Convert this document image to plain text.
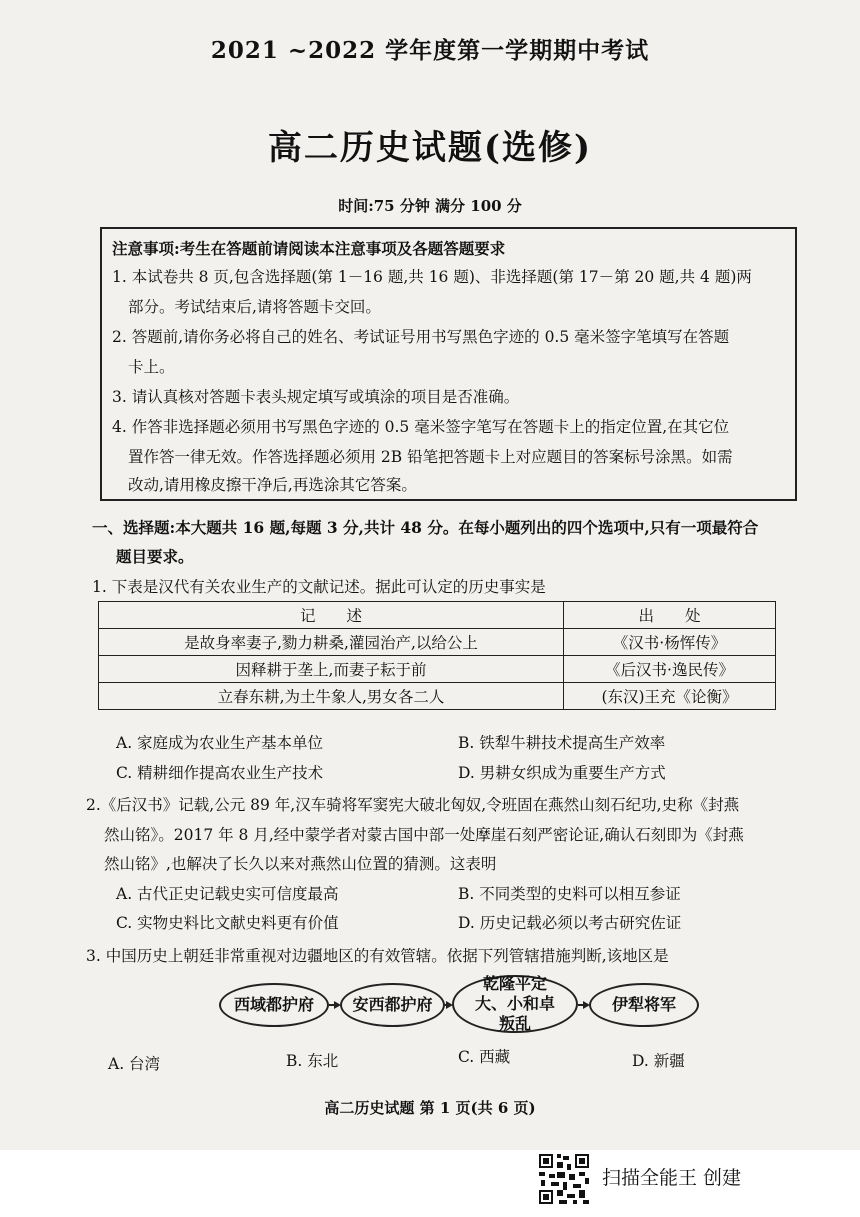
2021 ~2022 学年度第一学期期中考试
高二历史试题(选修)
时间:75 分钟 满分 100 分
注意事项:考生在答题前请阅读本注意事项及各题答题要求
1. 本试卷共 8 页,包含选择题(第 1－16 题,共 16 题)、非选择题(第 17－第 20 题,共 4 题)两
部分。考试结束后,请将答题卡交回。
2. 答题前,请你务必将自己的姓名、考试证号用书写黑色字迹的 0.5 毫米签字笔填写在答题
卡上。
3. 请认真核对答题卡表头规定填写或填涂的项目是否准确。
4. 作答非选择题必须用书写黑色字迹的 0.5 毫米签字笔写在答题卡上的指定位置,在其它位
置作答一律无效。作答选择题必须用 2B 铅笔把答题卡上对应题目的答案标号涂黑。如需
改动,请用橡皮擦干净后,再选涂其它答案。
一、选择题:本大题共 16 题,每题 3 分,共计 48 分。在每小题列出的四个选项中,只有一项最符合
题目要求。
1. 下表是汉代有关农业生产的文献记述。据此可认定的历史事实是
记　　述	出　　处
是故身率妻子,勠力耕桑,灌园治产,以给公上	《汉书·杨恽传》
因释耕于垄上,而妻子耘于前	《后汉书·逸民传》
立春东耕,为土牛象人,男女各二人	(东汉)王充《论衡》
A. 家庭成为农业生产基本单位	B. 铁犁牛耕技术提高生产效率
C. 精耕细作提高农业生产技术	D. 男耕女织成为重要生产方式
2.《后汉书》记载,公元 89 年,汉车骑将军窦宪大破北匈奴,令班固在燕然山刻石纪功,史称《封燕
然山铭》。2017 年 8 月,经中蒙学者对蒙古国中部一处摩崖石刻严密论证,确认石刻即为《封燕
然山铭》,也解决了长久以来对燕然山位置的猜测。这表明
A. 古代正史记载史实可信度最高	B. 不同类型的史料可以相互参证
C. 实物史料比文献史料更有价值	D. 历史记载必须以考古研究佐证
3. 中国历史上朝廷非常重视对边疆地区的有效管辖。依据下列管辖措施判断,该地区是
西域都护府	安西都护府
乾隆平定大、小和卓叛乱
伊犁将军
A. 台湾	B. 东北	C. 西藏	D. 新疆
高二历史试题 第 1 页(共 6 页)
扫描全能王 创建
